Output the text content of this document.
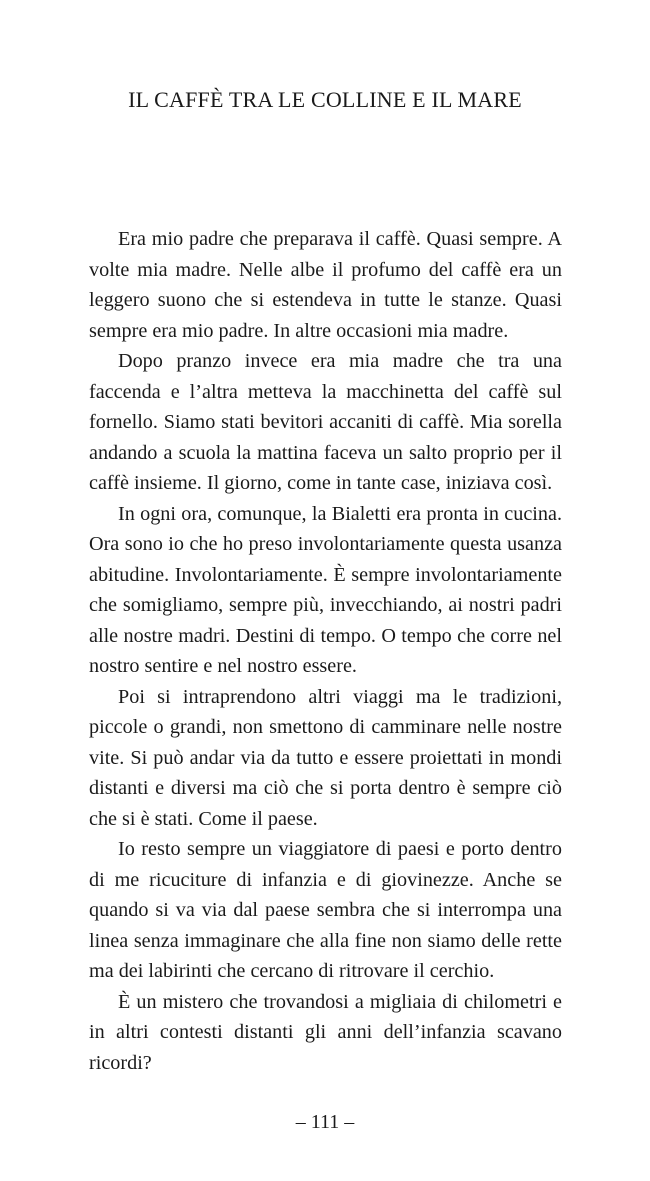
IL CAFFÈ TRA LE COLLINE E IL MARE

Era mio padre che preparava il caffè. Quasi sempre. A volte mia madre. Nelle albe il profumo del caffè era un leggero suono che si estendeva in tutte le stanze. Quasi sempre era mio padre. In altre occasioni mia madre.

Dopo pranzo invece era mia madre che tra una faccenda e l’altra metteva la macchinetta del caffè sul fornello. Siamo stati bevitori accaniti di caffè. Mia sorella andando a scuola la mattina faceva un salto proprio per il caffè insieme. Il giorno, come in tante case, iniziava così.

In ogni ora, comunque, la Bialetti era pronta in cucina. Ora sono io che ho preso involontariamente questa usanza abitudine. Involontariamente. È sempre involontariamente che somigliamo, sempre più, invecchiando, ai nostri padri alle nostre madri. Destini di tempo. O tempo che corre nel nostro sentire e nel nostro essere.

Poi si intraprendono altri viaggi ma le tradizioni, piccole o grandi, non smettono di camminare nelle nostre vite. Si può andar via da tutto e essere proiettati in mondi distanti e diversi ma ciò che si porta dentro è sempre ciò che si è stati. Come il paese.

Io resto sempre un viaggiatore di paesi e porto dentro di me ricuciture di infanzia e di giovinezze. Anche se quando si va via dal paese sembra che si interrompa una linea senza immaginare che alla fine non siamo delle rette ma dei labirinti che cercano di ritrovare il cerchio.

È un mistero che trovandosi a migliaia di chilometri e in altri contesti distanti gli anni dell’infanzia scavano ricordi?

– 111 –
